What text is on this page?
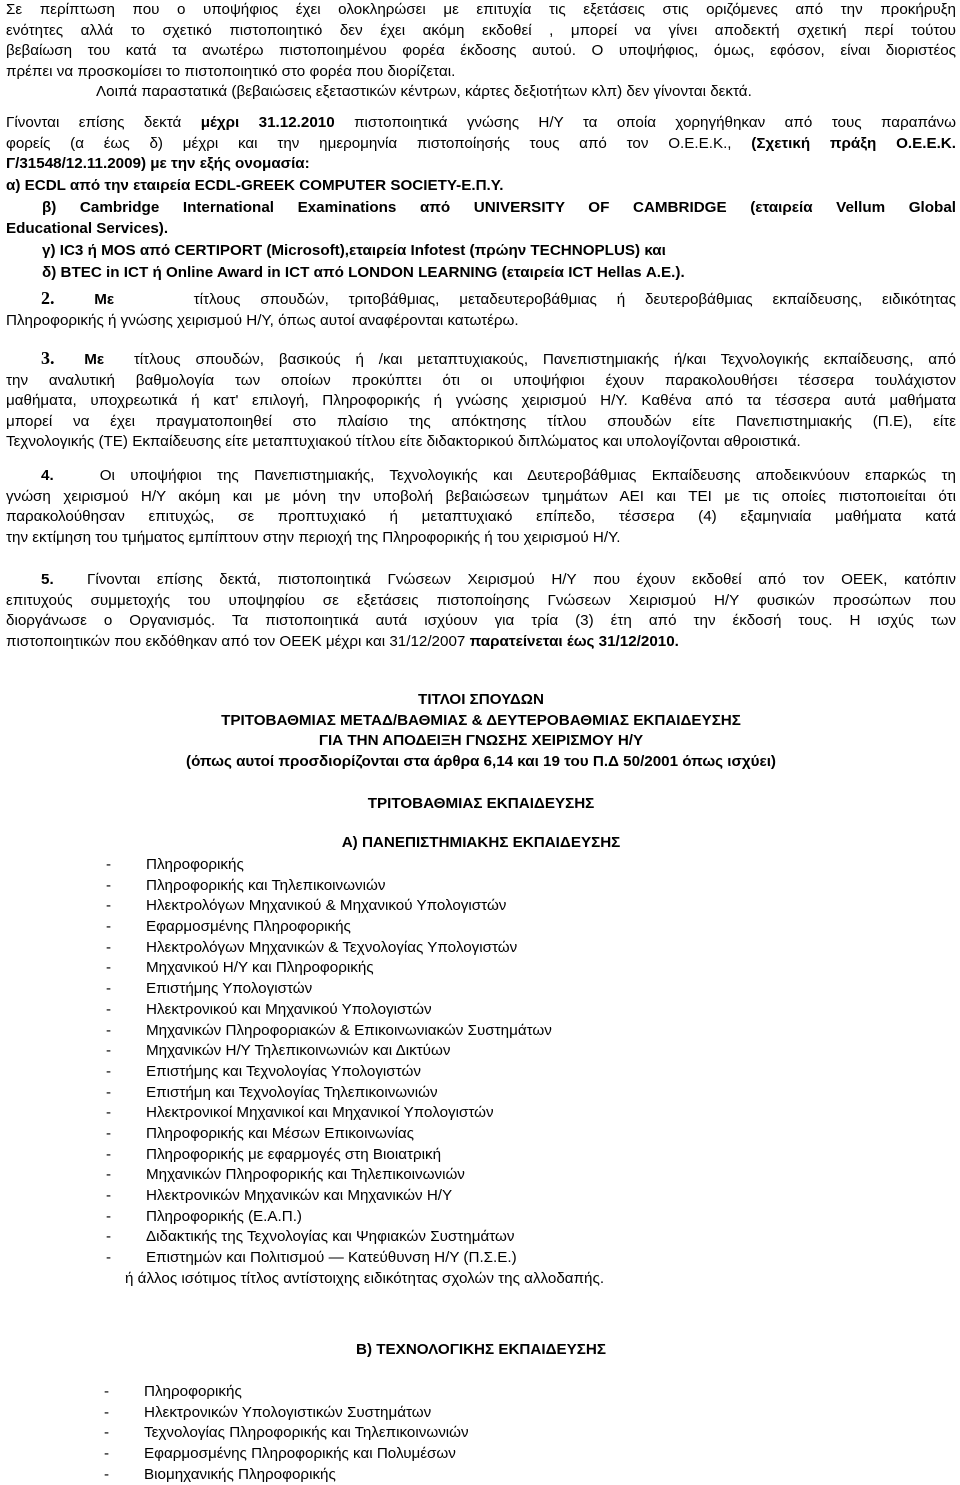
Σε περίπτωση που ο υποψήφιος έχει ολοκληρώσει με επιτυχία τις εξετάσεις στις οριζόμενες από την προκήρυξη

ενότητες αλλά το σχετικό πιστοποιητικό δεν έχει ακόμη εκδοθεί , μπορεί να γίνει αποδεκτή σχετική περί τούτου

βεβαίωση του κατά τα ανωτέρω πιστοποιημένου φορέα έκδοσης αυτού. Ο υποψήφιος, όμως, εφόσον, είναι διοριστέος

πρέπει να προσκομίσει το πιστοποιητικό στο φορέα που διορίζεται.

Λοιπά παραστατικά (βεβαιώσεις εξεταστικών κέντρων, κάρτες δεξιοτήτων κλπ) δεν γίνονται δεκτά.

Γίνονται επίσης δεκτά μέχρι 31.12.2010 πιστοποιητικά γνώσης Η/Υ τα οποία χορηγήθηκαν από τους παραπάνω

φορείς (α έως δ) μέχρι και την ημερομηνία πιστοποίησής τους από τον Ο.Ε.Ε.Κ., (Σχετική πράξη Ο.Ε.Ε.Κ.

Γ/31548/12.11.2009) με την εξής ονομασία:

α) ECDL από την εταιρεία ECDL-GREEK COMPUTER SOCIETY-Ε.Π.Υ.

β) Cambridge International Examinations από UNIVERSITY OF CAMBRIDGE (εταιρεία Vellum Global

Educational Services).

γ) IC3 ή MOS από CERTIPORT (Microsoft),εταιρεία Infotest (πρώην TECHNOPLUS) και

δ) BTEC in ICT ή Online Award in ICT από LONDON LEARNING (εταιρεία ICT Hellas Α.Ε.).

2.	Με	τίτλους σπουδών, τριτοβάθμιας, μεταδευτεροβάθμιας ή δευτεροβάθμιας εκπαίδευσης, ειδικότητας

Πληροφορικής ή γνώσης χειρισμού Η/Υ, όπως αυτοί αναφέρονται κατωτέρω.

3. Με τίτλους σπουδών, βασικούς ή /και μεταπτυχιακούς, Πανεπιστημιακής ή/και Τεχνολογικής εκπαίδευσης, από

την αναλυτική βαθμολογία των οποίων προκύπτει ότι οι υποψήφιοι έχουν παρακολουθήσει τέσσερα τουλάχιστον

μαθήματα, υποχρεωτικά ή κατ' επιλογή, Πληροφορικής ή γνώσης χειρισμού Η/Υ. Καθένα από τα τέσσερα αυτά μαθήματα

μπορεί να έχει πραγματοποιηθεί στο πλαίσιο της απόκτησης τίτλου σπουδών είτε Πανεπιστημιακής (Π.Ε), είτε

Τεχνολογικής (ΤΕ) Εκπαίδευσης είτε μεταπτυχιακού τίτλου είτε διδακτορικού διπλώματος και υπολογίζονται αθροιστικά.

4.	Οι υποψήφιοι της Πανεπιστημιακής, Τεχνολογικής και Δευτεροβάθμιας Εκπαίδευσης αποδεικνύουν επαρκώς τη

γνώση χειρισμού Η/Υ ακόμη και με μόνη την υποβολή βεβαιώσεων τμημάτων ΑΕΙ και ΤΕΙ με τις οποίες πιστοποιείται ότι

παρακολούθησαν επιτυχώς, σε προπτυχιακό ή μεταπτυχιακό επίπεδο, τέσσερα (4) εξαμηνιαία μαθήματα κατά

την εκτίμηση του τμήματος εμπίπτουν στην περιοχή της Πληροφορικής ή του χειρισμού Η/Υ.

5. Γίνονται επίσης δεκτά, πιστοποιητικά Γνώσεων Χειρισμού Η/Υ που έχουν εκδοθεί από τον ΟΕΕΚ, κατόπιν

επιτυχούς συμμετοχής του υποψηφίου σε εξετάσεις πιστοποίησης Γνώσεων Χειρισμού Η/Υ φυσικών προσώπων που

διοργάνωσε ο Οργανισμός. Τα πιστοποιητικά αυτά ισχύουν για τρία (3) έτη από την έκδοσή τους. Η ισχύς των

πιστοποιητικών που εκδόθηκαν από τον ΟΕΕΚ μέχρι και 31/12/2007 παρατείνεται έως 31/12/2010.

ΤΙΤΛΟΙ ΣΠΟΥΔΩΝ

ΤΡΙΤΟΒΑΘΜΙΑΣ ΜΕΤΑΔ/ΒΑΘΜΙΑΣ & ΔΕΥΤΕΡΟΒΑΘΜΙΑΣ ΕΚΠΑΙΔΕΥΣΗΣ

ΓΙΑ ΤΗΝ ΑΠΟΔΕΙΞΗ ΓΝΩΣΗΣ ΧΕΙΡΙΣΜΟΥ Η/Υ

(όπως αυτοί προσδιορίζονται στα άρθρα 6,14 και 19 του Π.Δ 50/2001 όπως ισχύει)

ΤΡΙΤΟΒΑΘΜΙΑΣ ΕΚΠΑΙΔΕΥΣΗΣ

Α) ΠΑΝΕΠΙΣΤΗΜΙΑΚΗΣ ΕΚΠΑΙΔΕΥΣΗΣ

- Πληροφορικής
- Πληροφορικής και Τηλεπικοινωνιών
- Ηλεκτρολόγων Μηχανικού & Μηχανικού Υπολογιστών
- Εφαρμοσμένης Πληροφορικής
- Ηλεκτρολόγων Μηχανικών & Τεχνολογίας Υπολογιστών
- Μηχανικού Η/Υ και Πληροφορικής
- Επιστήμης Υπολογιστών
- Ηλεκτρονικού και Μηχανικού Υπολογιστών
- Μηχανικών Πληροφοριακών & Επικοινωνιακών Συστημάτων
- Μηχανικών Η/Υ Τηλεπικοινωνιών και Δικτύων
- Επιστήμης και Τεχνολογίας Υπολογιστών
- Επιστήμη και Τεχνολογίας Τηλεπικοινωνιών
- Ηλεκτρονικοί Μηχανικοί και Μηχανικοί Υπολογιστών
- Πληροφορικής και Μέσων Επικοινωνίας
- Πληροφορικής με εφαρμογές στη Βιοιατρική
- Μηχανικών Πληροφορικής και Τηλεπικοινωνιών
- Ηλεκτρονικών Μηχανικών και Μηχανικών Η/Υ
- Πληροφορικής (Ε.Α.Π.)
- Διδακτικής της Τεχνολογίας και Ψηφιακών Συστημάτων
- Επιστημών και Πολιτισμού — Κατεύθυνση Η/Υ (Π.Σ.Ε.)

ή άλλος ισότιμος τίτλος αντίστοιχης ειδικότητας σχολών της αλλοδαπής.

Β) ΤΕΧΝΟΛΟΓΙΚΗΣ ΕΚΠΑΙΔΕΥΣΗΣ

- Πληροφορικής
- Ηλεκτρονικών Υπολογιστικών Συστημάτων
- Τεχνολογίας Πληροφορικής και Τηλεπικοινωνιών
- Εφαρμοσμένης Πληροφορικής και Πολυμέσων
- Βιομηχανικής Πληροφορικής
